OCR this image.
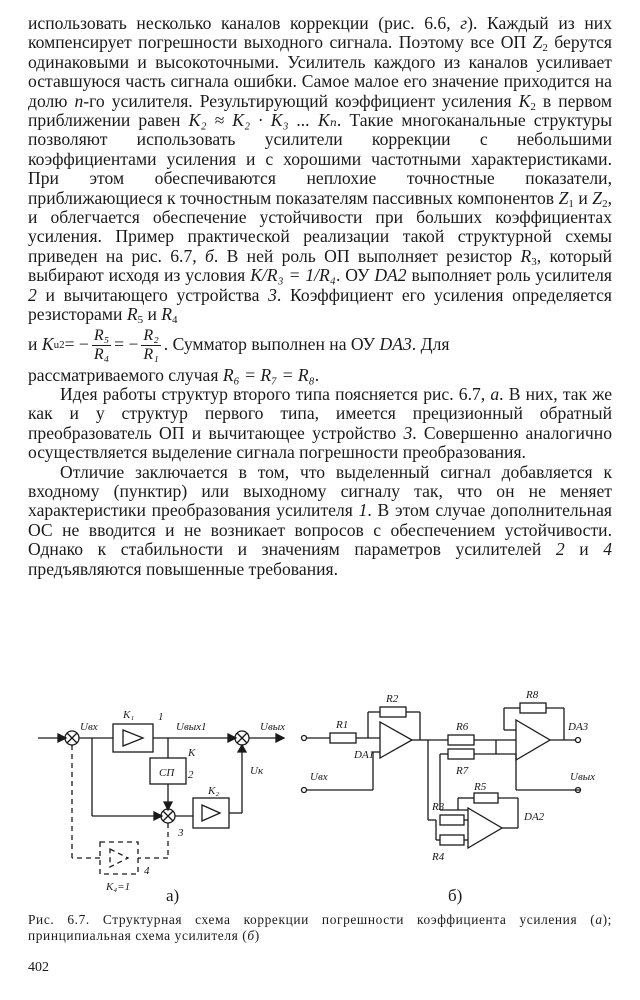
использовать несколько каналов коррекции (рис. 6.6, г). Каждый из них компенсирует погрешности выходного сигнала. Поэтому все ОП $Z_2$ берутся одинаковыми и высокоточными. Усилитель каждого из каналов усиливает оставшуюся часть сигнала ошибки. Самое малое его значение приходится на долю n-го усилителя. Результирующий коэффициент усиления $K_2$ в первом приближении равен K₂ ≈ K₂ · K₃ ... Kₙ. Такие многоканальные структуры позволяют использовать усилители коррекции с небольшими коэффициентами усиления и с хорошими частотными характеристиками. При этом обеспечиваются неплохие точностные показатели, приближающиеся к точностным показателям пассивных компонентов $Z_1$ и $Z_2$, и облегчается обеспечение устойчивости при больших коэффициентах усиления. Пример практической реализации такой структурной схемы приведен на рис. 6.7, б. В ней роль ОП выполняет резистор $R_3$, который выбирают исходя из условия K/R₃ = 1/R₄. ОУ DA2 выполняет роль усилителя 2 и вычитающего устройства 3. Коэффициент его усиления определяется резисторами $R_5$ и $R_4$

и
K u2 = − $\frac{\text{R₅}}{\text{R₄}}$ = − $\frac{\text{R₂}}{\text{R₁}}$ . Сумматор выполнен на ОУ
DA3 . Для

рассматриваемого случая R₆ = R₇ = R₈.

Идея работы структур второго типа поясняется рис. 6.7, а. В них, так же как и у структур первого типа, имеется прецизионный обратный преобразователь ОП и вычитающее устройство 3. Совершенно аналогично осуществляется выделение сигнала погрешности преобразования.

Отличие заключается в том, что выделенный сигнал добавляется к входному (пунктир) или выходному сигналу так, что он не меняет характеристики преобразования усилителя 1. В этом случае дополнительная ОС не вводится и не возникает вопросов с обеспечением устойчивости. Однако к стабильности и значениям параметров усилителей 2 и 4 предъявляются повышенные требования.

Uвх
K₁ 1
Uвых1	Uвых
K
СП 2
K₂
Uк
3
4
K₄=1
R1
R2
DA1
Uвх
R6
R7
R8
DA3
Uвых
R3
R5
R4
DA2
а)	б)
Рис. 6.7. Структурная схема коррекции погрешности коэффициента усиления (а); принципиальная схема усилителя (б)
402
